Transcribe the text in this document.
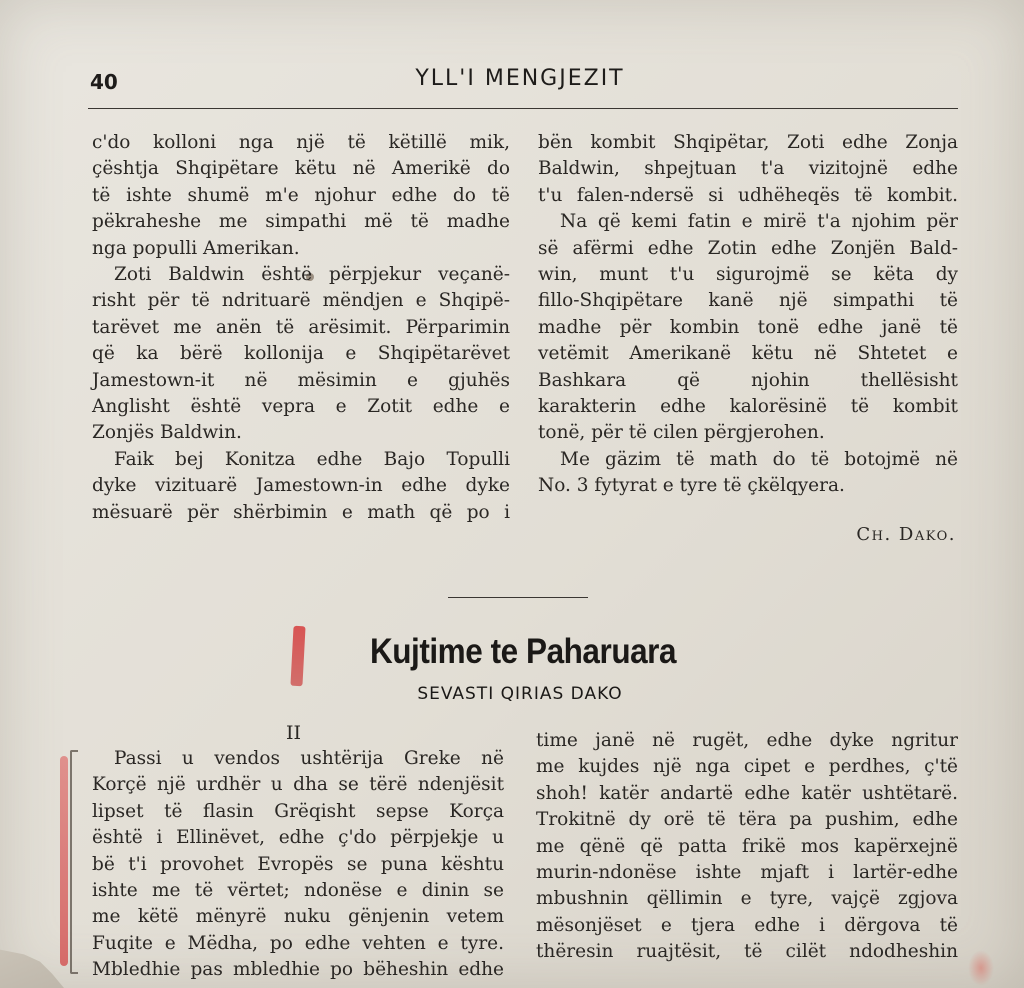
40	YLL'I MENGJEZIT
c'do kolloni nga një të këtillë mik,
çështja Shqipëtare këtu në Amerikë do
të ishte shumë m'e njohur edhe do të
pëkraheshe me simpathi më të madhe
nga populli Amerikan.
Zoti Baldwin është përpjekur veçanë-
risht për të ndrituarë mëndjen e Shqipë-
tarëvet me anën të arësimit. Përparimin
që ka bërë kollonija e Shqipëtarëvet
Jamestown-it në mësimin e gjuhës
Anglisht është vepra e Zotit edhe e
Zonjës Baldwin.
Faik bej Konitza edhe Bajo Topulli
dyke vizituarë Jamestown-in edhe dyke
mësuarë për shërbimin e math që po i
bën kombit Shqipëtar, Zoti edhe Zonja
Baldwin, shpejtuan t'a vizitojnë edhe
t'u falen-ndersë si udhëheqës të kombit.
Na që kemi fatin e mirë t'a njohim për
së afërmi edhe Zotin edhe Zonjën Bald-
win, munt t'u sigurojmë se këta dy
fillo-Shqipëtare kanë një simpathi të
madhe për kombin tonë edhe janë të
vetëmit Amerikanë këtu në Shtetet e
Bashkara që njohin thellësisht
karakterin edhe kalorësinë të kombit
tonë, për të cilen përgjerohen.
Me gäzim të math do të botojmë në
No. 3 fytyrat e tyre të çkëlqyera.
Ch. Dako.
Kujtime te Paharuara
SEVASTI QIRIAS DAKO
II
Passi u vendos ushtërija Greke në
Korçë një urdhër u dha se tërë ndenjësit
lipset të flasin Grëqisht sepse Korça
është i Ellinëvet, edhe ç'do përpjekje u
bë t'i provohet Evropës se puna kështu
ishte me të vërtet; ndonëse e dinin se
me këtë mënyrë nuku gënjenin vetem
Fuqite e Mëdha, po edhe vehten e tyre.
Mbledhie pas mbledhie po bëheshin edhe
time janë në rugët, edhe dyke ngritur
me kujdes një nga cipet e perdhes, ç'të
shoh! katër andartë edhe katër ushtëtarë.
Trokitnë dy orë të tëra pa pushim, edhe
me qënë që patta frikë mos kapërxejnë
murin-ndonëse ishte mjaft i lartër-edhe
mbushnin qëllimin e tyre, vajçë zgjova
mësonjëset e tjera edhe i dërgova të
thëresin ruajtësit, të cilët ndodheshin
